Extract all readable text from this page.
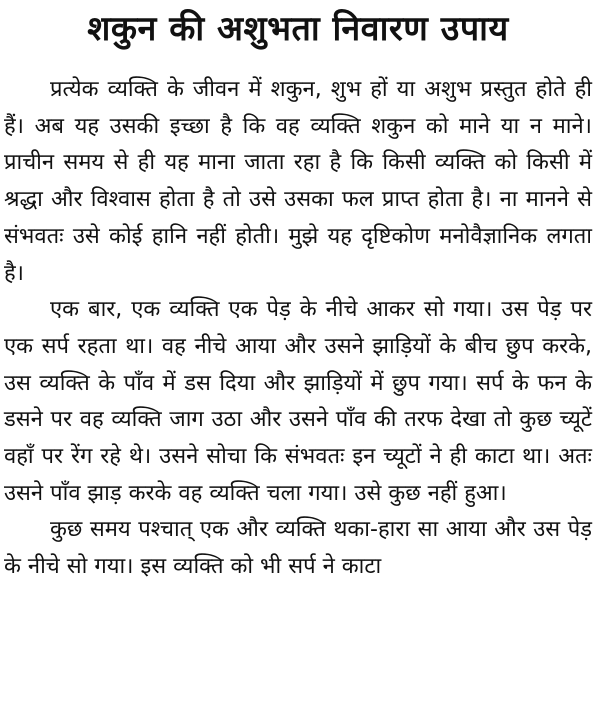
शकुन की अशुभता निवारण उपाय

प्रत्येक व्यक्ति के जीवन में शकुन, शुभ हों या अशुभ प्रस्तुत होते ही हैं। अब यह उसकी इच्छा है कि वह व्यक्ति शकुन को माने या न माने। प्राचीन समय से ही यह माना जाता रहा है कि किसी व्यक्ति को किसी में श्रद्धा और विश्वास होता है तो उसे उसका फल प्राप्त होता है। ना मानने से संभवतः उसे कोई हानि नहीं होती। मुझे यह दृष्टिकोण मनोवैज्ञानिक लगता है।

एक बार, एक व्यक्ति एक पेड़ के नीचे आकर सो गया। उस पेड़ पर एक सर्प रहता था। वह नीचे आया और उसने झाड़ियों के बीच छुप करके, उस व्यक्ति के पाँव में डस दिया और झाड़ियों में छुप गया। सर्प के फन के डसने पर वह व्यक्ति जाग उठा और उसने पाँव की तरफ देखा तो कुछ च्यूटें वहाँ पर रेंग रहे थे। उसने सोचा कि संभवतः इन च्यूटों ने ही काटा था। अतः उसने पाँव झाड़ करके वह व्यक्ति चला गया। उसे कुछ नहीं हुआ।

कुछ समय पश्चात् एक और व्यक्ति थका-हारा सा आया और उस पेड़ के नीचे सो गया। इस व्यक्ति को भी सर्प ने काटा
